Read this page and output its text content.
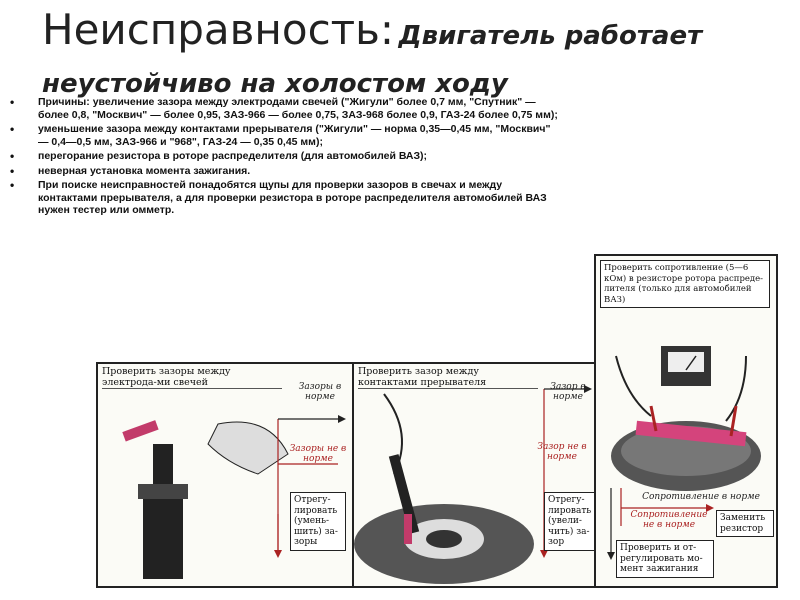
Неисправность: Двигатель работает неустойчиво на холостом ходу
• Причины: увеличение зазора между электродами свечей ("Жигули" более 0,7 мм, "Спутник" — более 0,8, "Москвич" — более 0,95, ЗАЗ-966 — более 0,75, ЗАЗ-968 более 0,9, ГАЗ-24 более 0,75 мм);
• уменьшение зазора между контактами прерывателя ("Жигули" — норма 0,35—0,45 мм, "Москвич" — 0,4—0,5 мм, ЗАЗ-966 и "968", ГАЗ-24 — 0,35 0,45 мм);
• перегорание резистора в роторе распределителя (для автомобилей ВАЗ);
• неверная установка момента зажигания.
• При поиске неисправностей понадобятся щупы для проверки зазоров в свечах и между контактами прерывателя, а для проверки резистора в роторе распределителя автомобилей ВАЗ нужен тестер или омметр.
Проверить сопротивление (5—6 кОм) в резисторе ротора распреде-лителя (только для автомобилей ВАЗ)
Сопротивление в норме
Сопротивление не в норме
Заменить резистор
Проверить и от-регулировать мо-мент зажигания
Проверить зазоры между электрода-ми свечей	Зазоры в норме
Зазоры не в норме
Отрегу-лировать (умень-шить) за-зоры
Проверить зазор между контактами прерывателя	Зазор в норме
Зазор не в норме
Отрегу-лировать (увели-чить) за-зор
